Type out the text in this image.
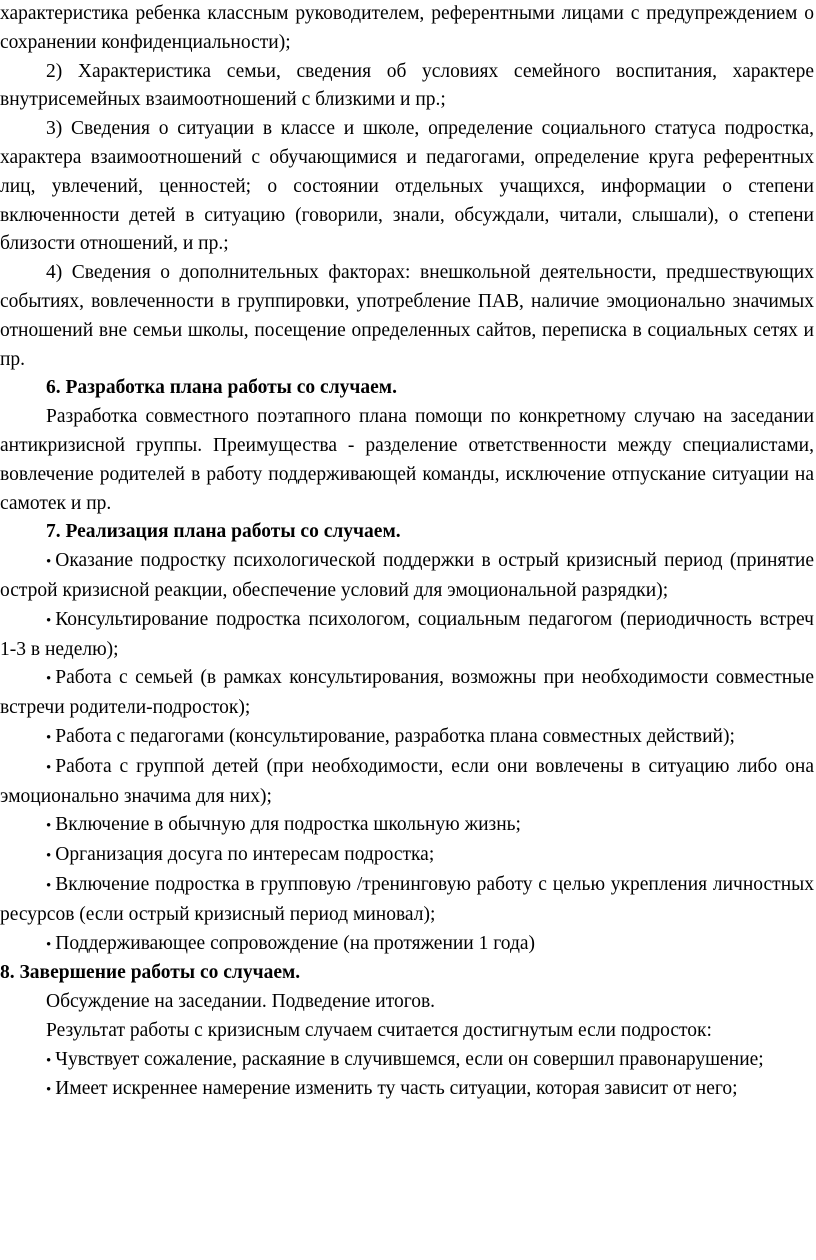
характеристика ребенка классным руководителем, референтными лицами с предупреждением о сохранении конфиденциальности);

2) Характеристика семьи, сведения об условиях семейного воспитания, характере внутрисемейных взаимоотношений с близкими и пр.;

3) Сведения о ситуации в классе и школе, определение социального статуса подростка, характера взаимоотношений с обучающимися и педагогами, определение круга референтных лиц, увлечений, ценностей; о состоянии отдельных учащихся, информации о степени включенности детей в ситуацию (говорили, знали, обсуждали, читали, слышали), о степени близости отношений, и пр.;

4) Сведения о дополнительных факторах: внешкольной деятельности, предшествующих событиях, вовлеченности в группировки, употребление ПАВ, наличие эмоционально значимых отношений вне семьи школы, посещение определенных сайтов, переписка в социальных сетях и пр.

6. Разработка плана работы со случаем.

Разработка совместного поэтапного плана помощи по конкретному случаю на заседании антикризисной группы. Преимущества - разделение ответственности между специалистами, вовлечение родителей в работу поддерживающей команды, исключение отпускание ситуации на самотек и пр.

7. Реализация плана работы со случаем.

• Оказание подростку психологической поддержки в острый кризисный период (принятие острой кризисной реакции, обеспечение условий для эмоциональной разрядки);

• Консультирование подростка психологом, социальным педагогом (периодичность встреч 1-3 в неделю);

• Работа с семьей (в рамках консультирования, возможны при необходимости совместные встречи родители-подросток);

• Работа с педагогами (консультирование, разработка плана совместных действий);

• Работа с группой детей (при необходимости, если они вовлечены в ситуацию либо она эмоционально значима для них);

• Включение в обычную для подростка школьную жизнь;

• Организация досуга по интересам подростка;

• Включение подростка в групповую /тренинговую работу с целью укрепления личностных ресурсов (если острый кризисный период миновал);

• Поддерживающее сопровождение (на протяжении 1 года)

8. Завершение работы со случаем.

Обсуждение на заседании. Подведение итогов.

Результат работы с кризисным случаем считается достигнутым если подросток:

• Чувствует сожаление, раскаяние в случившемся, если он совершил правонарушение;

• Имеет искреннее намерение изменить ту часть ситуации, которая зависит от него;
